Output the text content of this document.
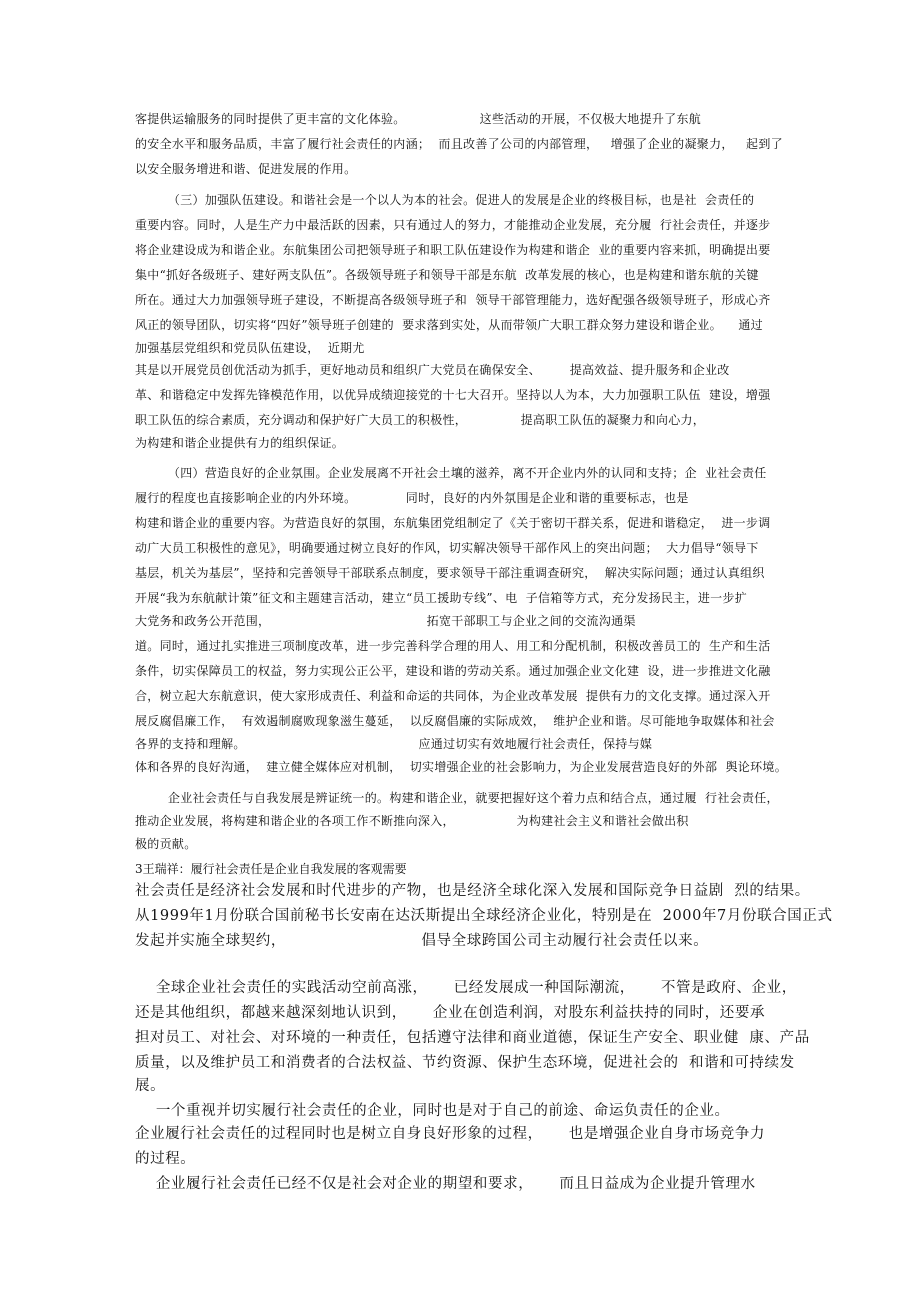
客提供运输服务的同时提供了更丰富的文化体验。                  这些活动的开展，不仅极大地提升了东航
的安全水平和服务品质，丰富了履行社会责任的内涵；  而且改善了公司的内部管理，   增强了企业的凝聚力，   起到了
以安全服务增进和谐、促进发展的作用。
（三）加强队伍建设。和谐社会是一个以人为本的社会。促进人的发展是企业的终极目标，也是社  会责任的
重要内容。同时，人是生产力中最活跃的因素，只有通过人的努力，才能推动企业发展，充分履  行社会责任，并逐步
将企业建设成为和谐企业。东航集团公司把领导班子和职工队伍建设作为构建和谐企  业的重要内容来抓，明确提出要
集中“抓好各级班子、建好两支队伍”。各级领导班子和领导干部是东航  改革发展的核心，也是构建和谐东航的关键
所在。通过大力加强领导班子建设，不断提高各级领导班子和  领导干部管理能力，选好配强各级领导班子，形成心齐
风正的领导团队，切实将“四好”领导班子创建的  要求落到实处，从而带领广大职工群众努力建设和谐企业。    通过
加强基层党组织和党员队伍建设，  近期尤
其是以开展党员创优活动为抓手，更好地动员和组织广大党员在确保安全、       提高效益、提升服务和企业改
革、和谐稳定中发挥先锋模范作用，以优异成绩迎接党的十七大召开。坚持以人为本，大力加强职工队伍  建设，增强
职工队伍的综合素质，充分调动和保护好广大员工的积极性，             提高职工队伍的凝聚力和向心力，
为构建和谐企业提供有力的组织保证。
（四）营造良好的企业氛围。企业发展离不开社会土壤的滋养，离不开企业内外的认同和支持；企  业社会责任
履行的程度也直接影响企业的内外环境。            同时，良好的内外氛围是企业和谐的重要标志，也是
构建和谐企业的重要内容。为营造良好的氛围，东航集团党组制定了《关于密切干群关系，促进和谐稳定，  进一步调
动广大员工积极性的意见》，明确要通过树立良好的作风，切实解决领导干部作风上的突出问题；  大力倡导“领导下
基层，机关为基层”，坚持和完善领导干部联系点制度，要求领导干部注重调查研究，  解决实际问题；通过认真组织
开展“我为东航献计策”征文和主题建言活动，建立“员工援助专线”、电  子信箱等方式，充分发扬民主，进一步扩
大党务和政务公开范围，                                      拓宽干部职工与企业之间的交流沟通渠
道。同时，通过扎实推进三项制度改革，进一步完善科学合理的用人、用工和分配机制，积极改善员工的  生产和生活
条件，切实保障员工的权益，努力实现公正公平，建设和谐的劳动关系。通过加强企业文化建  设，进一步推进文化融
合，树立起大东航意识，使大家形成责任、利益和命运的共同体，为企业改革发展  提供有力的文化支撑。通过深入开
展反腐倡廉工作，  有效遏制腐败现象滋生蔓延，  以反腐倡廉的实际成效，  维护企业和谐。尽可能地争取媒体和社会
各界的支持和理解。                                          应通过切实有效地履行社会责任，保持与媒
体和各界的良好沟通，  建立健全媒体应对机制，  切实增强企业的社会影响力，为企业发展营造良好的外部  舆论环境。
企业社会责任与自我发展是辨证统一的。构建和谐企业，就要把握好这个着力点和结合点，通过履  行社会责任，
推动企业发展，将构建和谐企业的各项工作不断推向深入，               为构建社会主义和谐社会做出积
极的贡献。
3王瑞祥：履行社会责任是企业自我发展的客观需要
社会责任是经济社会发展和时代进步的产物，也是经济全球化深入发展和国际竞争日益剧  烈的结果。
从1999年1月份联合国前秘书长安南在达沃斯提出全球经济企业化，特别是在  2000年7月份联合国正式
发起并实施全球契约，                          倡导全球跨国公司主动履行社会责任以来。
全球企业社会责任的实践活动空前高涨，     已经发展成一种国际潮流，     不管是政府、企业，
还是其他组织，都越来越深刻地认识到，     企业在创造利润，对股东利益扶持的同时，还要承
担对员工、对社会、对环境的一种责任，包括遵守法律和商业道德，保证生产安全、职业健  康、产品
质量，以及维护员工和消费者的合法权益、节约资源、保护生态环境，促进社会的  和谐和可持续发
展。
一个重视并切实履行社会责任的企业，同时也是对于自己的前途、命运负责任的企业。
企业履行社会责任的过程同时也是树立自身良好形象的过程，     也是增强企业自身市场竞争力
的过程。
企业履行社会责任已经不仅是社会对企业的期望和要求，     而且日益成为企业提升管理水
